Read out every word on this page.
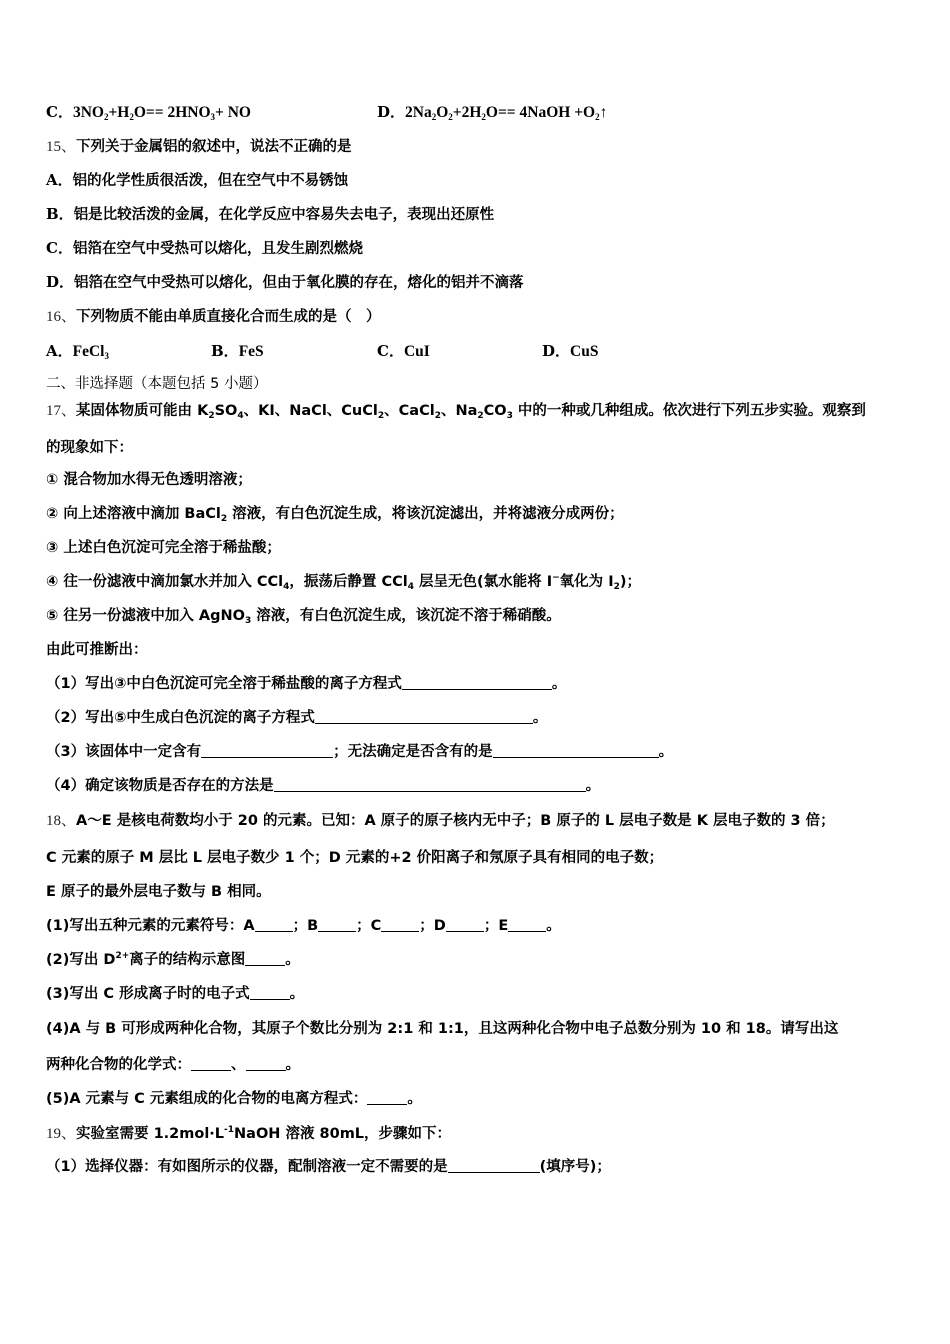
C．$3NO_2+H_2O== 2HNO_3+$ NO	D．$2Na_2O_2+2H_2O==$ 4NaOH $+O_2↑$
15、下列关于金属铝的叙述中，说法不正确的是
A．铝的化学性质很活泼，但在空气中不易锈蚀
B．铝是比较活泼的金属，在化学反应中容易失去电子，表现出还原性
C．铝箔在空气中受热可以熔化，且发生剧烈燃烧
D．铝箔在空气中受热可以熔化，但由于氧化膜的存在，熔化的铝并不滴落
16、下列物质不能由单质直接化合而生成的是（　）
A．FeCl$_3$	B．FeS	C．CuI	D．CuS
二、非选择题（本题包括 5 小题）
17、某固体物质可能由 $K_2SO_4$、KI、NaCl、CuCl$_2$、CaCl$_2$、$Na_2CO_3$ 中的一种或几种组成。依次进行下列五步实验。观察到
的现象如下：
① 混合物加水得无色透明溶液；
② 向上述溶液中滴加 BaCl$_2$ 溶液，有白色沉淀生成，将该沉淀滤出，并将滤液分成两份；
③ 上述白色沉淀可完全溶于稀盐酸；
④ 往一份滤液中滴加氯水并加入 CCl$_4$，振荡后静置 CCl$_4$ 层呈无色(氯水能将 I−氧化为 $I_2$)；
⑤ 往另一份滤液中加入 AgNO$_3$ 溶液，有白色沉淀生成，该沉淀不溶于稀硝酸。
由此可推断出：
（1）写出③中白色沉淀可完全溶于稀盐酸的离子方程式	。
（2）写出⑤中生成白色沉淀的离子方程式	。
（3）该固体中一定含有	；无法确定是否含有的是	。
（4）确定该物质是否存在的方法是	。
18、A～E 是核电荷数均小于 20 的元素。已知：A 原子的原子核内无中子；B 原子的 L 层电子数是 K 层电子数的 3 倍；
C 元素的原子 M 层比 L 层电子数少 1 个；D 元素的+2 价阳离子和氖原子具有相同的电子数；
E 原子的最外层电子数与 B 相同。
(1)写出五种元素的元素符号：A	；B	；C	；D	；E	。
(2)写出 $D^{2+}$离子的结构示意图	。
(3)写出 C 形成离子时的电子式	。
(4)A 与 B 可形成两种化合物，其原子个数比分别为 2:1 和 1:1，且这两种化合物中电子总数分别为 10 和 18。请写出这
两种化合物的化学式：	、	。
(5)A 元素与 C 元素组成的化合物的电离方程式：	。
19、实验室需要 $1.2mol\cdot L^{-1}NaOH$ 溶液 80mL，步骤如下：
（1）选择仪器：有如图所示的仪器，配制溶液一定不需要的是	(填序号)；
